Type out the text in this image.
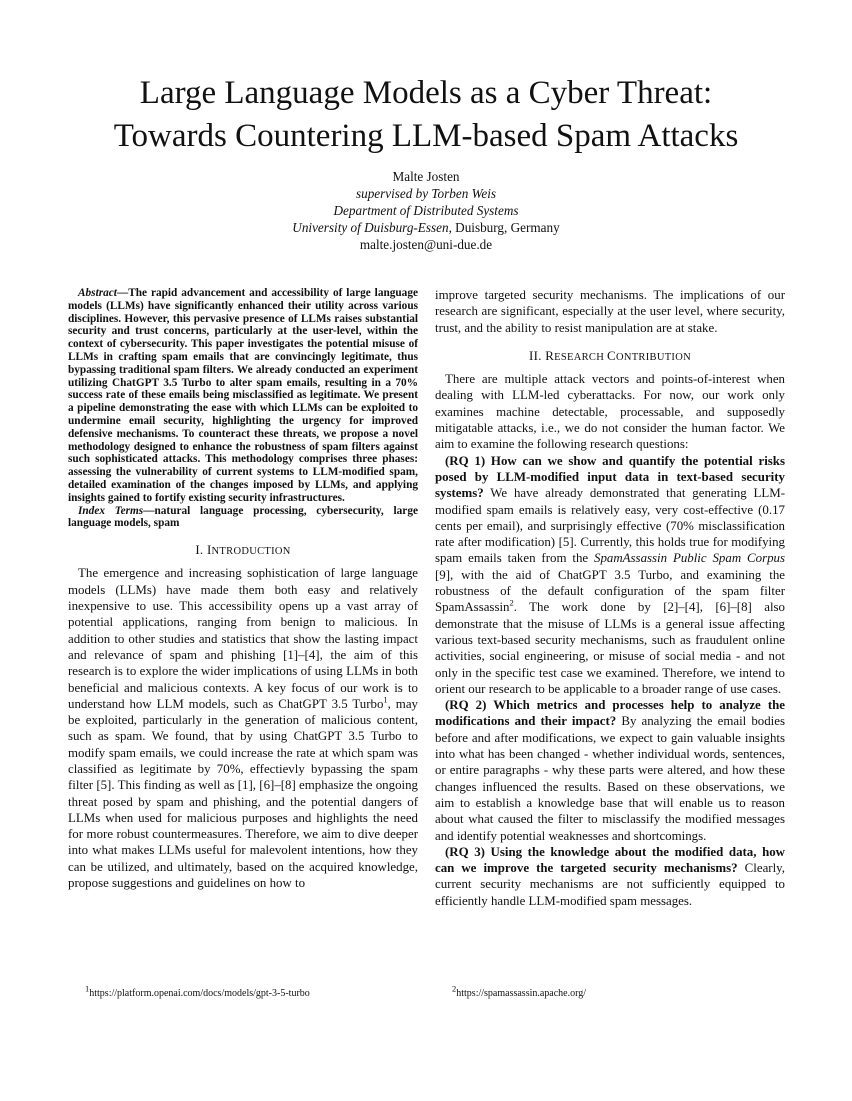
Large Language Models as a Cyber Threat:
Towards Countering LLM-based Spam Attacks
Malte Josten
supervised by Torben Weis
Department of Distributed Systems
University of Duisburg-Essen, Duisburg, Germany
malte.josten@uni-due.de

Abstract—The rapid advancement and accessibility of large language models (LLMs) have significantly enhanced their utility across various disciplines. However, this pervasive presence of LLMs raises substantial security and trust concerns, particularly at the user-level, within the context of cybersecurity. This paper investigates the potential misuse of LLMs in crafting spam emails that are convincingly legitimate, thus bypassing traditional spam filters. We already conducted an experiment utilizing ChatGPT 3.5 Turbo to alter spam emails, resulting in a 70% success rate of these emails being misclassified as legitimate. We present a pipeline demonstrating the ease with which LLMs can be exploited to undermine email security, highlighting the urgency for improved defensive mechanisms. To counteract these threats, we propose a novel methodology designed to enhance the robustness of spam filters against such sophisticated attacks. This methodology comprises three phases: assessing the vulnerability of current systems to LLM-modified spam, detailed examination of the changes imposed by LLMs, and applying insights gained to fortify existing security infrastructures.

Index Terms—natural language processing, cybersecurity, large language models, spam

I. INTRODUCTION

The emergence and increasing sophistication of large language models (LLMs) have made them both easy and relatively inexpensive to use. This accessibility opens up a vast array of potential applications, ranging from benign to malicious. In addition to other studies and statistics that show the lasting impact and relevance of spam and phishing [1]–[4], the aim of this research is to explore the wider implications of using LLMs in both beneficial and malicious contexts. A key focus of our work is to understand how LLM models, such as ChatGPT 3.5 Turbo$^1$, may be exploited, particularly in the generation of malicious content, such as spam. We found, that by using ChatGPT 3.5 Turbo to modify spam emails, we could increase the rate at which spam was classified as legitimate by 70%, effectievly bypassing the spam filter [5]. This finding as well as [1], [6]–[8] emphasize the ongoing threat posed by spam and phishing, and the potential dangers of LLMs when used for malicious purposes and highlights the need for more robust countermeasures. Therefore, we aim to dive deeper into what makes LLMs useful for malevolent intentions, how they can be utilized, and ultimately, based on the acquired knowledge, propose suggestions and guidelines on how to

improve targeted security mechanisms. The implications of our research are significant, especially at the user level, where security, trust, and the ability to resist manipulation are at stake.

II. RESEARCH CONTRIBUTION

There are multiple attack vectors and points-of-interest when dealing with LLM-led cyberattacks. For now, our work only examines machine detectable, processable, and supposedly mitigatable attacks, i.e., we do not consider the human factor. We aim to examine the following research questions:

(RQ 1) How can we show and quantify the potential risks posed by LLM-modified input data in text-based security systems? We have already demonstrated that generating LLM-modified spam emails is relatively easy, very cost-effective (0.17 cents per email), and surprisingly effective (70% misclassification rate after modification) [5]. Currently, this holds true for modifying spam emails taken from the SpamAssassin Public Spam Corpus [9], with the aid of ChatGPT 3.5 Turbo, and examining the robustness of the default configuration of the spam filter SpamAssassin$^2$. The work done by [2]–[4], [6]–[8] also demonstrate that the misuse of LLMs is a general issue affecting various text-based security mechanisms, such as fraudulent online activities, social engineering, or misuse of social media - and not only in the specific test case we examined. Therefore, we intend to orient our research to be applicable to a broader range of use cases.

(RQ 2) Which metrics and processes help to analyze the modifications and their impact? By analyzing the email bodies before and after modifications, we expect to gain valuable insights into what has been changed - whether individual words, sentences, or entire paragraphs - why these parts were altered, and how these changes influenced the results. Based on these observations, we aim to establish a knowledge base that will enable us to reason about what caused the filter to misclassify the modified messages and identify potential weaknesses and shortcomings.

(RQ 3) Using the knowledge about the modified data, how can we improve the targeted security mechanisms? Clearly, current security mechanisms are not sufficiently equipped to efficiently handle LLM-modified spam messages.

$^1$https://platform.openai.com/docs/models/gpt-3-5-turbo	$^2$https://spamassassin.apache.org/
